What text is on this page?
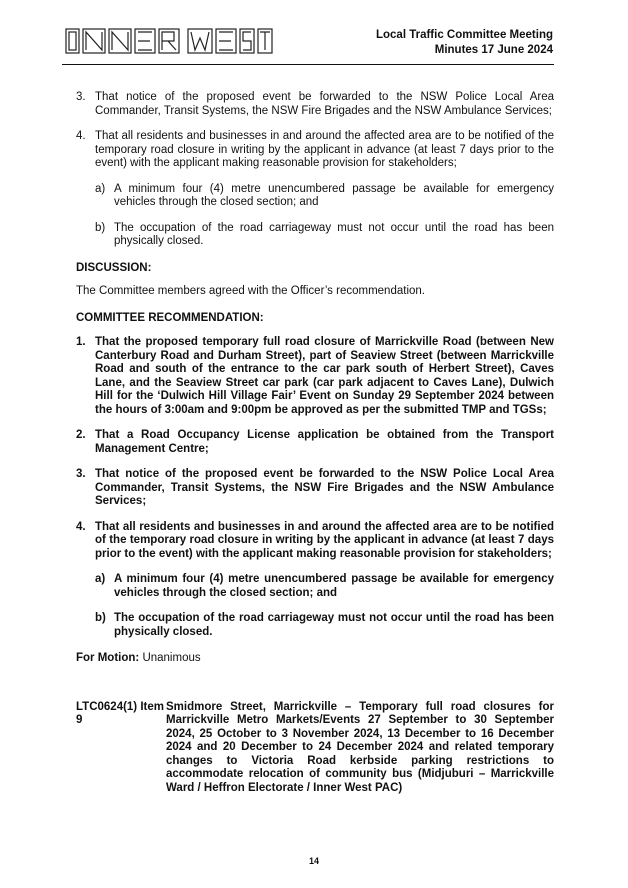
Local Traffic Committee Meeting
Minutes 17 June 2024
3. That notice of the proposed event be forwarded to the NSW Police Local Area Commander, Transit Systems, the NSW Fire Brigades and the NSW Ambulance Services;
4. That all residents and businesses in and around the affected area are to be notified of the temporary road closure in writing by the applicant in advance (at least 7 days prior to the event) with the applicant making reasonable provision for stakeholders;
a) A minimum four (4) metre unencumbered passage be available for emergency vehicles through the closed section; and
b) The occupation of the road carriageway must not occur until the road has been physically closed.
DISCUSSION:
The Committee members agreed with the Officer’s recommendation.
COMMITTEE RECOMMENDATION:
1. That the proposed temporary full road closure of Marrickville Road (between New Canterbury Road and Durham Street), part of Seaview Street (between Marrickville Road and south of the entrance to the car park south of Herbert Street), Caves Lane, and the Seaview Street car park (car park adjacent to Caves Lane), Dulwich Hill for the ‘Dulwich Hill Village Fair’ Event on Sunday 29 September 2024 between the hours of 3:00am and 9:00pm be approved as per the submitted TMP and TGSs;
2. That a Road Occupancy License application be obtained from the Transport Management Centre;
3. That notice of the proposed event be forwarded to the NSW Police Local Area Commander, Transit Systems, the NSW Fire Brigades and the NSW Ambulance Services;
4. That all residents and businesses in and around the affected area are to be notified of the temporary road closure in writing by the applicant in advance (at least 7 days prior to the event) with the applicant making reasonable provision for stakeholders;
a) A minimum four (4) metre unencumbered passage be available for emergency vehicles through the closed section; and
b) The occupation of the road carriageway must not occur until the road has been physically closed.
For Motion: Unanimous
LTC0624(1) Item 9
Smidmore Street, Marrickville – Temporary full road closures for Marrickville Metro Markets/Events 27 September to 30 September 2024, 25 October to 3 November 2024, 13 December to 16 December 2024 and 20 December to 24 December 2024 and related temporary changes to Victoria Road kerbside parking restrictions to accommodate relocation of community bus (Midjuburi – Marrickville Ward / Heffron Electorate / Inner West PAC)
14
